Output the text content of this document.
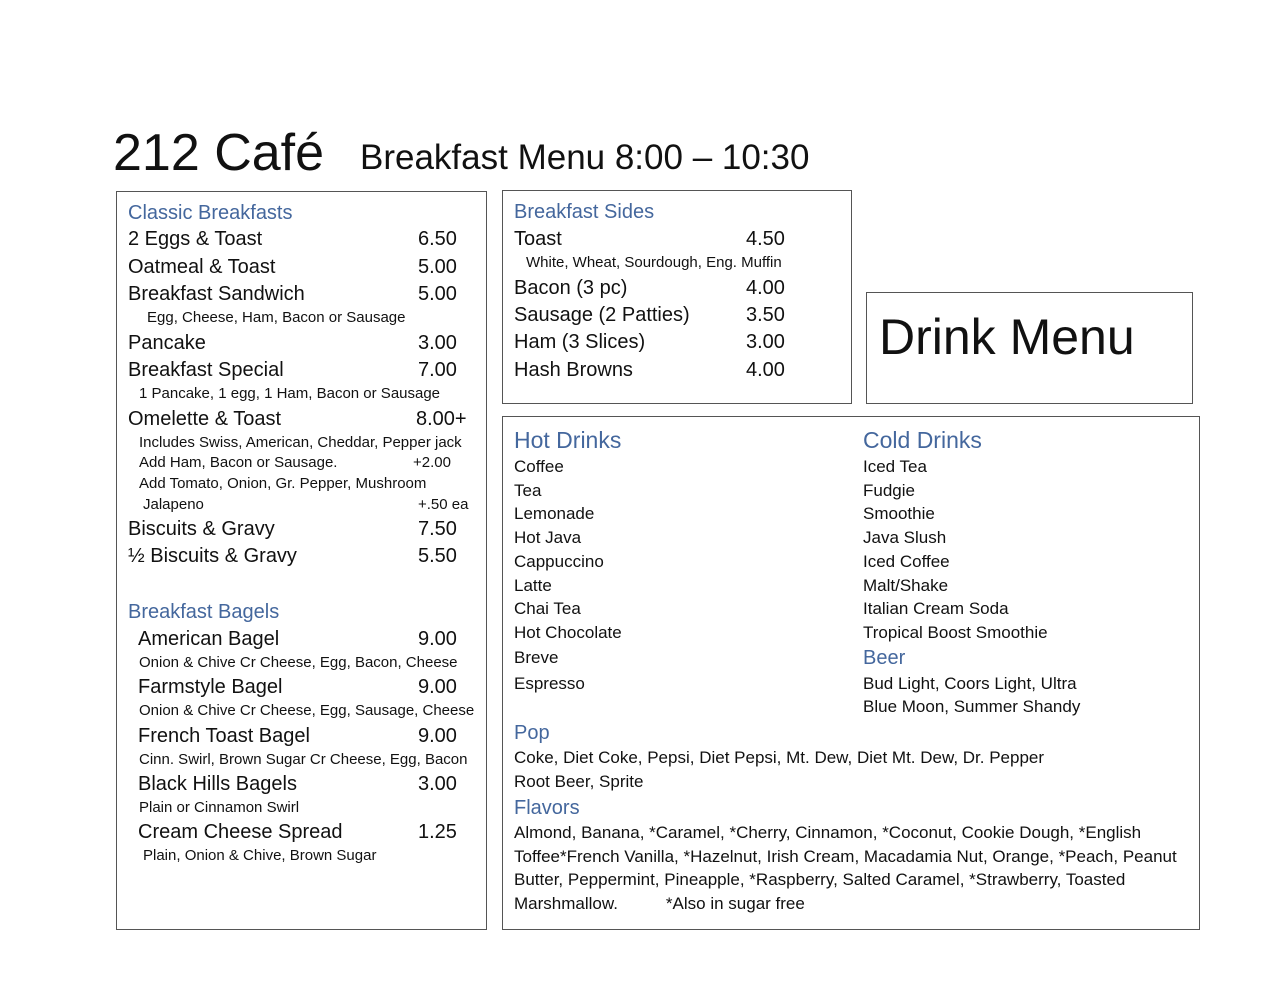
212 Café Breakfast Menu 8:00 – 10:30
Classic Breakfasts
2 Eggs & Toast	6.50
Oatmeal & Toast	5.00
Breakfast Sandwich	5.00
Egg, Cheese, Ham, Bacon or Sausage
Pancake	3.00
Breakfast Special	7.00
1 Pancake, 1 egg, 1 Ham, Bacon or Sausage
Omelette & Toast	8.00+
Includes Swiss, American, Cheddar, Pepper jack
Add Ham, Bacon or Sausage.	+2.00
Add Tomato, Onion, Gr. Pepper, Mushroom
Jalapeno	+.50 ea
Biscuits & Gravy	7.50
½ Biscuits & Gravy	5.50
Breakfast Bagels
American Bagel	9.00
Onion & Chive Cr Cheese, Egg, Bacon, Cheese
Farmstyle Bagel	9.00
Onion & Chive Cr Cheese, Egg, Sausage, Cheese
French Toast Bagel	9.00
Cinn. Swirl, Brown Sugar Cr Cheese, Egg, Bacon
Black Hills Bagels	3.00
Plain or Cinnamon Swirl
Cream Cheese Spread	1.25
Plain, Onion & Chive, Brown Sugar
Breakfast Sides
Toast	4.50
White, Wheat, Sourdough, Eng. Muffin
Bacon (3 pc)	4.00
Sausage (2 Patties)	3.50
Ham (3 Slices)	3.00
Hash Browns	4.00
Drink Menu
Hot Drinks
Coffee
Tea
Lemonade
Hot Java
Cappuccino
Latte
Chai Tea
Hot Chocolate
Breve
Espresso
Cold Drinks
Iced Tea
Fudgie
Smoothie
Java Slush
Iced Coffee
Malt/Shake
Italian Cream Soda
Tropical Boost Smoothie
Beer
Bud Light, Coors Light, Ultra
Blue Moon, Summer Shandy
Pop
Coke, Diet Coke, Pepsi, Diet Pepsi, Mt. Dew, Diet Mt. Dew, Dr. Pepper
Root Beer, Sprite
Flavors
Almond, Banana, *Caramel, *Cherry, Cinnamon, *Coconut, Cookie Dough, *English Toffee*French Vanilla, *Hazelnut, Irish Cream, Macadamia Nut, Orange, *Peach, Peanut Butter, Peppermint, Pineapple, *Raspberry, Salted Caramel, *Strawberry, Toasted Marshmallow.	*Also in sugar free
